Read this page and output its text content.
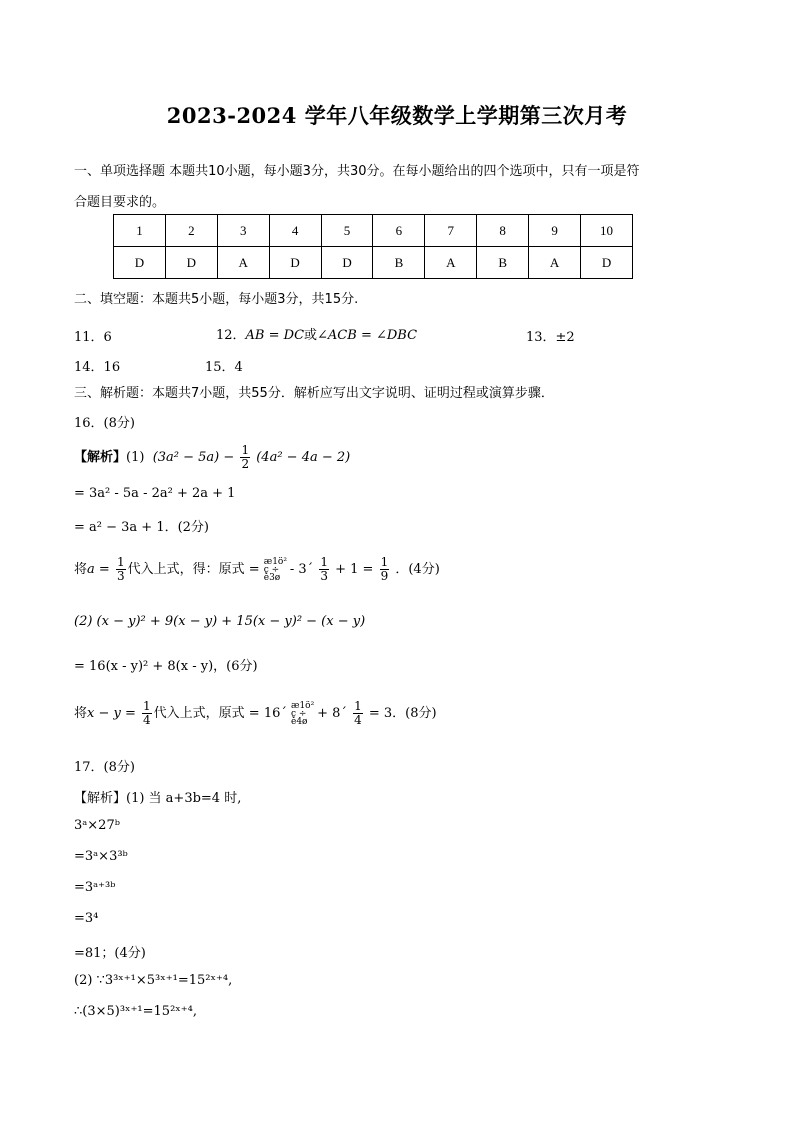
2023-2024 学年八年级数学上学期第三次月考
一、单项选择题 本题共10小题，每小题3分，共30分。在每小题给出的四个选项中，只有一项是符
合题目要求的。
1	2	3	4	5	6	7	8	9	10
D	D	A	D	D	B	A	B	A	D
二、填空题：本题共5小题，每小题3分，共15分.
11．6	12．AB = DC或∠ACB = ∠DBC	13．±2
14．16	15．4
三、解析题：本题共7小题，共55分．解析应写出文字说明、证明过程或演算步骤．
16．(8分)
【解析】(1) $(3a^2 - 5a) - \frac{1}{2} (4a^2 - 4a - 2)$
= 3a² - 5a - 2a² + 2a + 1
= a² − 3a + 1．(2分)
将$a = \frac{1}{3}$ 代入上式，得：原式 = æ1ö² ç ÷ è3ø - 3´ $\frac{1}{3} + 1 = \frac{1}{9}$ ．(4分)
(2) (x − y)² + 9(x − y) + 15(x − y)² − (x − y)
= 16(x - y)² + 8(x - y)，(6分)
将$x - y = \frac{1}{4}$ 代入上式，原式 = 16´ æ1ö² ç ÷ è4ø + 8´ $\frac{1}{4} = 3$．(8分)
17．(8分)
【解析】(1) 当 a+3b=4 时,
3ᵃ×27ᵇ
=3ᵃ×3³ᵇ
=3ᵃ⁺³ᵇ
=3⁴
=81；(4分)
(2) ∵3³ˣ⁺¹×5³ˣ⁺¹=15²ˣ⁺⁴,
∴(3×5)³ˣ⁺¹=15²ˣ⁺⁴,
